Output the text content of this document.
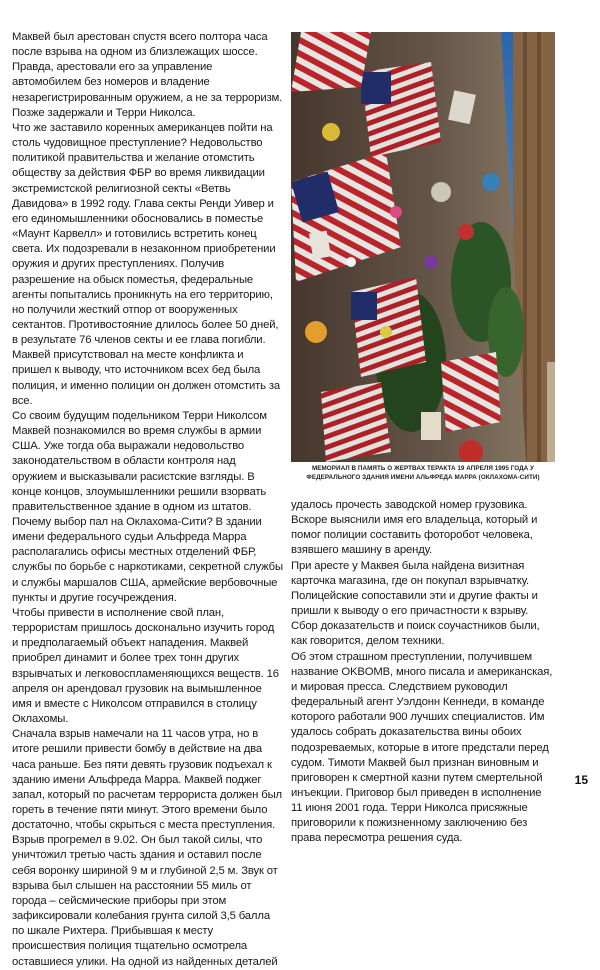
Маквей был арестован спустя всего полтора часа после взрыва на одном из близлежащих шоссе. Правда, арестовали его за управление автомобилем без номеров и владение незарегистрированным оружием, а не за терроризм. Позже задержали и Терри Николса.

Что же заставило коренных американцев пойти на столь чудовищное преступление? Недовольство политикой правительства и желание отомстить обществу за действия ФБР во время ликвидации экстремистской религиозной секты «Ветвь Давидова» в 1992 году. Глава секты Ренди Уивер и его единомышленники обосновались в поместье «Маунт Карвелл» и готовились встретить конец света. Их подозревали в незаконном приобретении оружия и других преступлениях. Получив разрешение на обыск поместья, федеральные агенты попытались проникнуть на его территорию, но получили жесткий отпор от вооруженных сектантов. Противостояние длилось более 50 дней, в результате 76 членов секты и ее глава погибли. Маквей присутствовал на месте конфликта и пришел к выводу, что источником всех бед была полиция, и именно полиции он должен отомстить за все.

Со своим будущим подельником Терри Николсом Маквей познакомился во время службы в армии США. Уже тогда оба выражали недовольство законодательством в области контроля над оружием и высказывали расистские взгляды. В конце концов, злоумышленники решили взорвать правительственное здание в одном из штатов. Почему выбор пал на Оклахома-Сити? В здании имени федерального судьи Альфреда Марра располагались офисы местных отделений ФБР, службы по борьбе с наркотиками, секретной службы и службы маршалов США, армейские вербовочные пункты и другие госучреждения.

Чтобы привести в исполнение свой план, террористам пришлось досконально изучить город и предполагаемый объект нападения. Маквей приобрел динамит и более трех тонн других взрывчатых и легковоспламеняющихся веществ. 16 апреля он арендовал грузовик на вымышленное имя и вместе с Николсом отправился в столицу Оклахомы.

Сначала взрыв намечали на 11 часов утра, но в итоге решили привести бомбу в действие на два часа раньше. Без пяти девять грузовик подъехал к зданию имени Альфреда Марра. Маквей поджег запал, который по расчетам террориста должен был гореть в течение пяти минут. Этого времени было достаточно, чтобы скрыться с места преступления. Взрыв прогремел в 9.02. Он был такой силы, что уничтожил третью часть здания и оставил после себя воронку шириной 9 м и глубиной 2,5 м. Звук от взрыва был слышен на расстоянии 55 миль от города – сейсмические приборы при этом зафиксировали колебания грунта силой 3,5 балла по шкале Рихтера. Прибывшая к месту происшествия полиция тщательно осмотрела оставшиеся улики. На одной из найденных деталей

МЕМОРИАЛ В ПАМЯТЬ О ЖЕРТВАХ ТЕРАКТА 19 АПРЕЛЯ 1995 ГОДА У ФЕДЕРАЛЬНОГО ЗДАНИЯ ИМЕНИ АЛЬФРЕДА МАРРА (ОКЛАХОМА-СИТИ)

удалось прочесть заводской номер грузовика. Вскоре выяснили имя его владельца, который и помог полиции составить фоторобот человека, взявшего машину в аренду.

При аресте у Маквея была найдена визитная карточка магазина, где он покупал взрывчатку. Полицейские сопоставили эти и другие факты и пришли к выводу о его причастности к взрыву. Сбор доказательств и поиск соучастников были, как говорится, делом техники.

Об этом страшном преступлении, получившем название OKBOMB, много писала и американская, и мировая пресса. Следствием руководил федеральный агент Уэлдонн Кеннеди, в команде которого работали 900 лучших специалистов. Им удалось собрать доказательства вины обоих подозреваемых, которые в итоге предстали перед судом. Тимоти Маквей был признан виновным и приговорен к смертной казни путем смертельной инъекции. Приговор был приведен в исполнение 11 июня 2001 года. Терри Николса присяжные приговорили к пожизненному заключению без права пересмотра решения суда.

15
